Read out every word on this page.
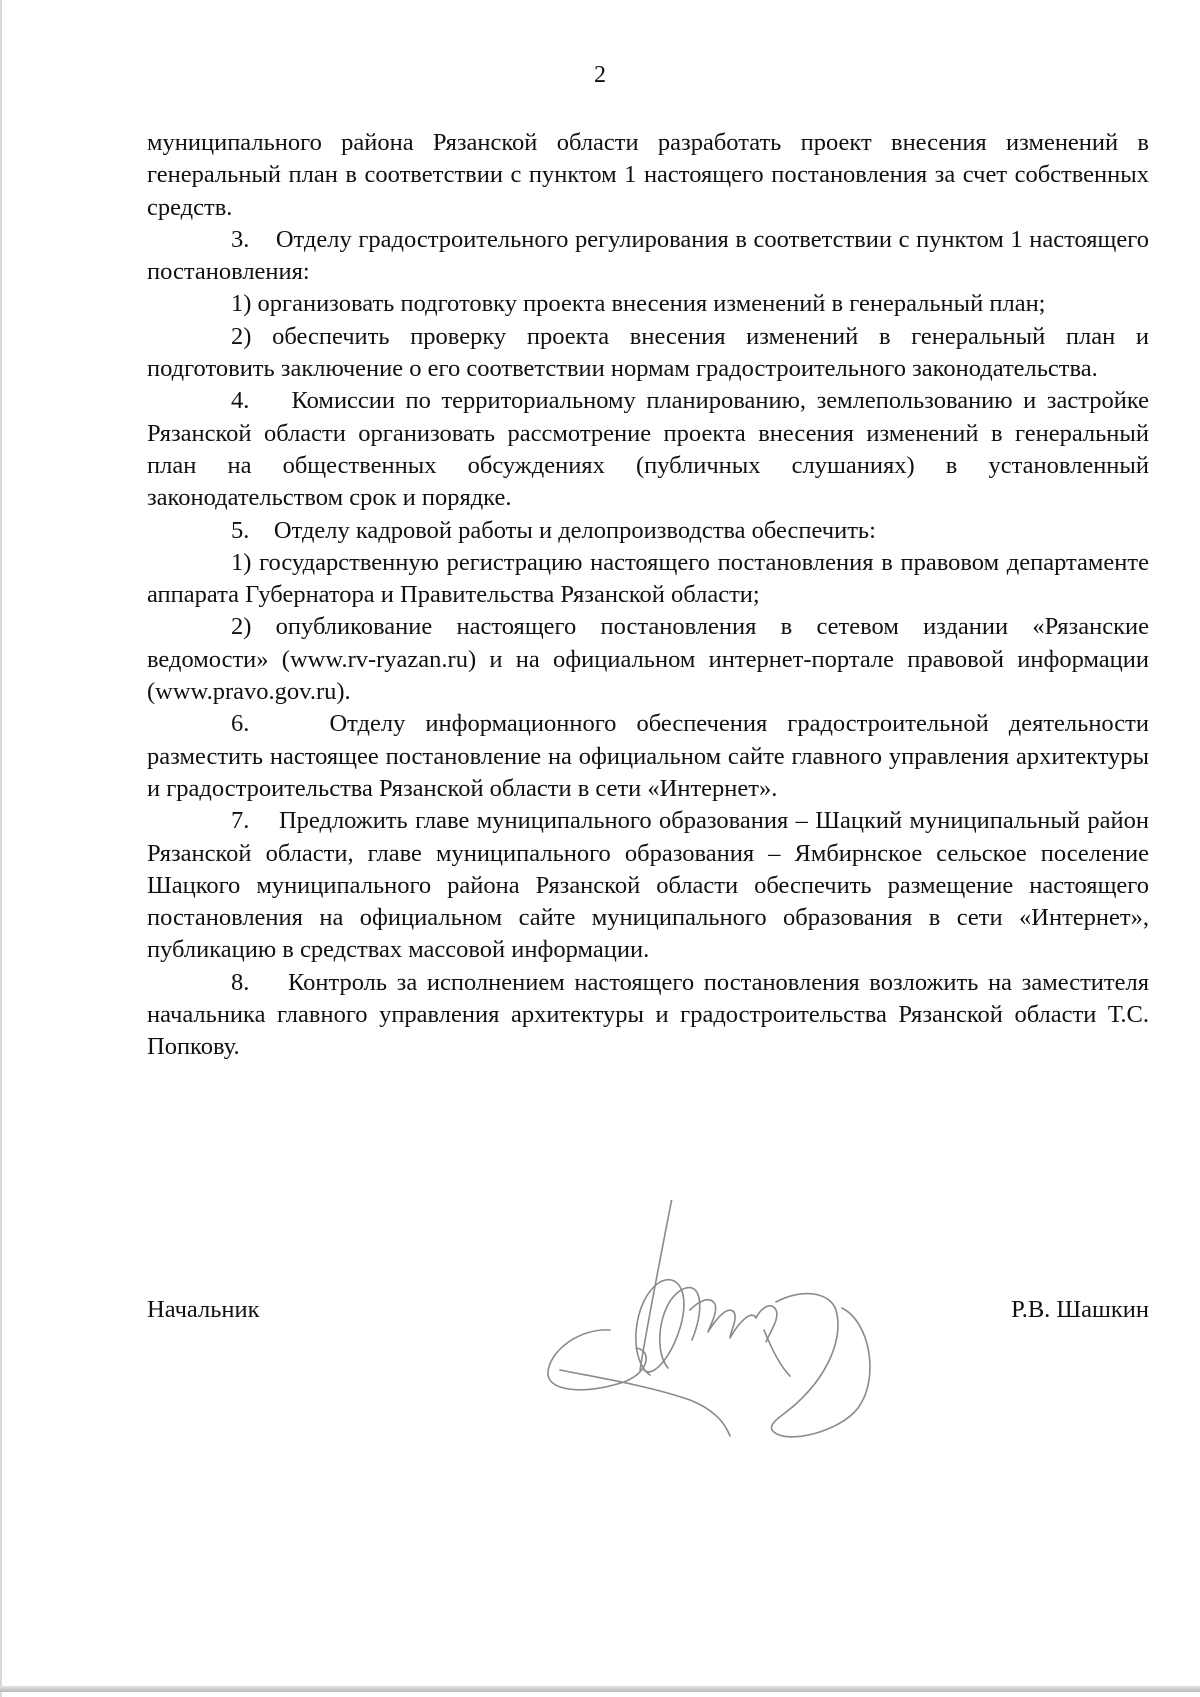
2

муниципального района Рязанской области разработать проект внесения изменений в генеральный план в соответствии с пунктом 1 настоящего постановления за счет собственных средств.

3.    Отделу градостроительного регулирования в соответствии с пунктом 1 настоящего постановления:

1) организовать подготовку проекта внесения изменений в генеральный план;

2) обеспечить проверку проекта внесения изменений в генеральный план и подготовить заключение о его соответствии нормам градостроительного законодательства.

4.    Комиссии по территориальному планированию, землепользованию и застройке Рязанской области организовать рассмотрение проекта внесения изменений в генеральный план на общественных обсуждениях (публичных слушаниях) в установленный законодательством срок и порядке.

5.    Отделу кадровой работы и делопроизводства обеспечить:

1) государственную регистрацию настоящего постановления в правовом департаменте аппарата Губернатора и Правительства Рязанской области;

2) опубликование настоящего постановления в сетевом издании «Рязанские ведомости» (www.rv-ryazan.ru) и на официальном интернет-портале правовой информации (www.pravo.gov.ru).

6.    Отделу информационного обеспечения градостроительной деятельности разместить настоящее постановление на официальном сайте главного управления архитектуры и градостроительства Рязанской области в сети «Интернет».

7.    Предложить главе муниципального образования – Шацкий муниципальный район Рязанской области, главе муниципального образования – Ямбирнское сельское поселение Шацкого муниципального района Рязанской области обеспечить размещение настоящего постановления на официальном сайте муниципального образования в сети «Интернет», публикацию в средствах массовой информации.

8.    Контроль за исполнением настоящего постановления возложить на заместителя начальника главного управления архитектуры и градостроительства Рязанской области Т.С. Попкову.

Начальник	Р.В. Шашкин
